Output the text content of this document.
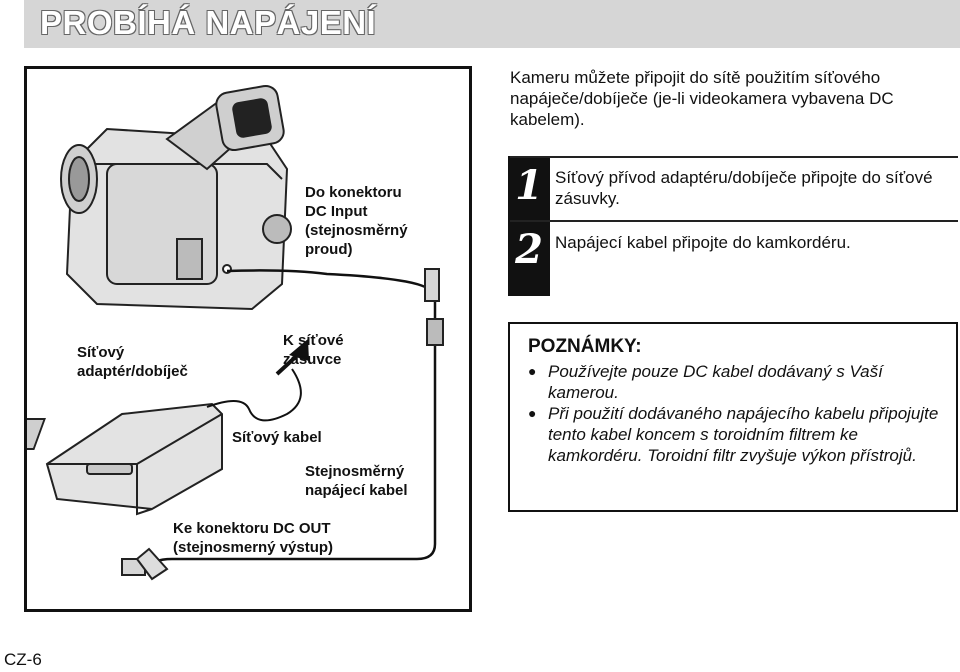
PROBÍHÁ NAPÁJENÍ
Do konektoru
DC Input
(stejnosměrný
proud)
Síťový
adaptér/dobíječ
K síťové
zásuvce
Síťový kabel
Stejnosměrný
napájecí kabel
Ke konektoru DC OUT
(stejnosmerný výstup)
Kameru můžete připojit do sítě použitím síťového napáječe/dobíječe (je-li videokamera vybavena DC kabelem).
1 Síťový přívod adaptéru/dobíječe připojte do síťové zásuvky.
2 Napájecí kabel připojte do kamkordéru.
POZNÁMKY:
● Používejte pouze DC kabel dodávaný s Vaší kamerou.
● Při použití dodávaného napájecího kabelu připojujte tento kabel koncem s toroidním filtrem ke kamkordéru. Toroidní filtr zvyšuje výkon přístrojů.
CZ-6
